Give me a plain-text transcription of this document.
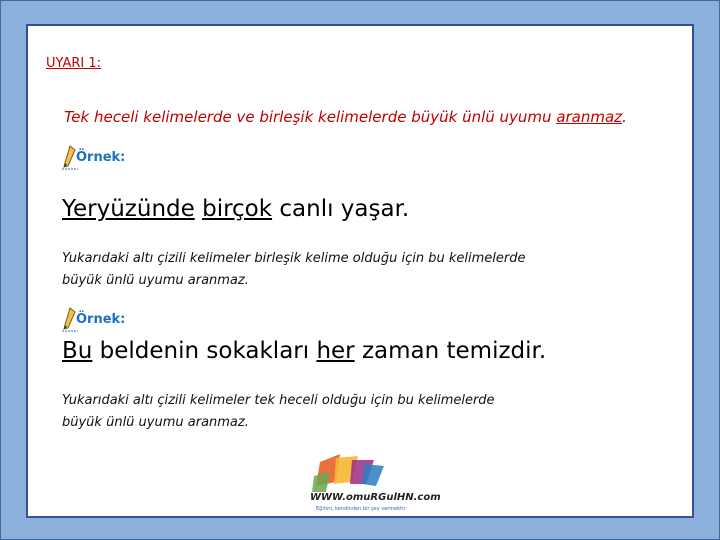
UYARI 1:
Tek heceli kelimelerde ve birleşik kelimelerde büyük ünlü uyumu aranmaz.
Örnek:
Yeryüzünde birçok canlı yaşar.
Yukarıdaki altı çizili kelimeler birleşik kelime olduğu için bu kelimelerde
büyük ünlü uyumu aranmaz.
Örnek:
Bu beldenin sokakları her zaman temizdir.
Yukarıdaki altı çizili kelimeler tek heceli olduğu için bu kelimelerde
büyük ünlü uyumu aranmaz.
WWW.omuRGulHN.com
Eğitim, kendinden bir şey vermektir
